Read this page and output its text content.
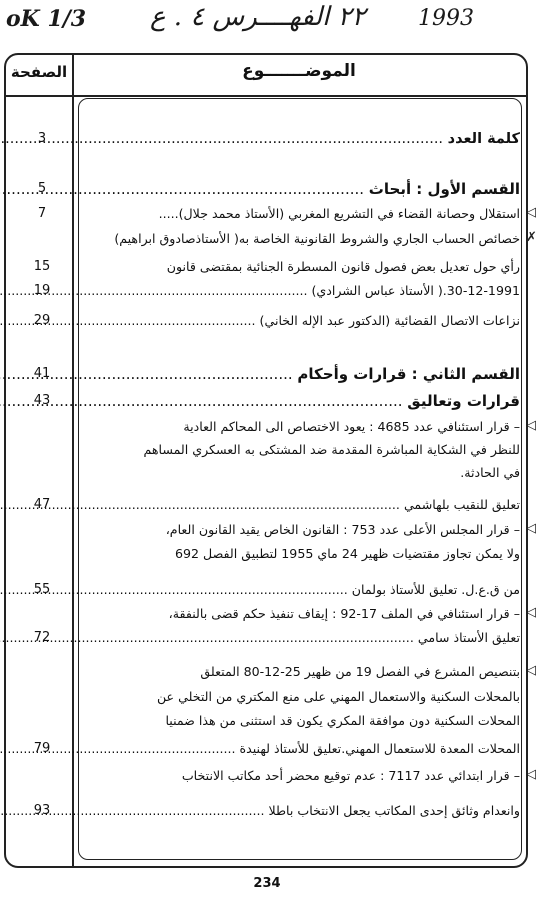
oK 1/3 ٢٢ الفهــــرس ٤ . ع 1993
الموضـــــــوع
الصفحة
كلمة العدد .....
3
القسم الأول : أبحاث .....
5
استقلال وحصانة القضاء في التشريع المغربي (الأستاذ محمد جلال)..... ◁
7
خصائص الحساب الجاري والشروط القانونية الخاصة به( الأستاذصادوق ابراهيم) ✗
رأي حول تعديل بعض فصول قانون المسطرة الجنائية بمقتضى قانون
15
30-12-1991.( الأستاذ عباس الشرادي) .....
19
نزاعات الاتصال القضائية (الدكتور عبد الإله الخاني) .....
29
القسم الثاني : قرارات وأحكام .....
41
قرارات وتعاليق .....
43
– قرار استئنافي عدد 4685 : يعود الاختصاص الى المحاكم العادية ◁
للنظر في الشكاية المباشرة المقدمة ضد المشتكى به العسكري المساهم
في الحادثة.
تعليق للنقيب بلهاشمي .....
47
– قرار المجلس الأعلى عدد 753 : القانون الخاص يقيد القانون العام، ◁
ولا يمكن تجاوز مقتضيات ظهير 24 ماي 1955 لتطبيق الفصل 692
من ق.ع.ل. تعليق للأستاذ بولمان .....
55
– قرار استئنافي في الملف 17-92 : إيقاف تنفيذ حكم قضى بالنفقة، ◁
تعليق الأستاذ سامي .....
72
بتنصيص المشرع في الفصل 19 من ظهير 25-12-80 المتعلق ◁
بالمحلات السكنية والاستعمال المهني على منع المكتري من التخلي عن
المحلات السكنية دون موافقة المكري يكون قد استثنى من هذا ضمنيا
المحلات المعدة للاستعمال المهني.تعليق للأستاذ لهنيدة .....
79
– قرار ابتدائي عدد 7117 : عدم توقيع محضر أحد مكاتب الانتخاب ◁
وانعدام وثائق إحدى المكاتب يجعل الانتخاب باطلا .....
93
234
